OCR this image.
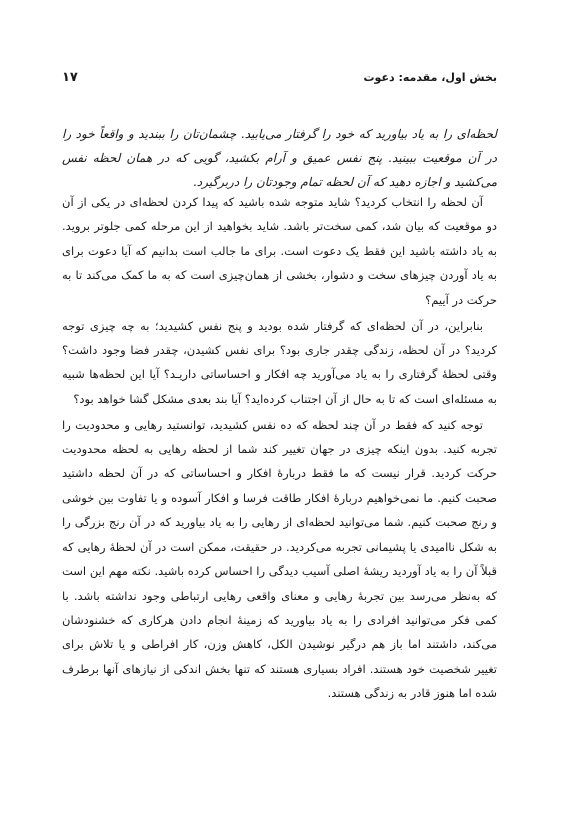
بخش اول، مقدمه: دعوت
۱۷
لحظه‌ای را به یاد بیاورید که خود را گرفتار می‌یابید. چشمان‌تان را ببندید و واقعاً خود را در آن موقعیت ببینید. پنج نفس عمیق و آرام بکشید، گویی که در همان لحظه نفس می‌کشید و اجازه دهید که آن لحظه تمام وجودتان را دربرگیرد.

آن لحظه را انتخاب کردید؟ شاید متوجه شده باشید که پیدا کردن لحظه‌ای در یکی از آن دو موقعیت که بیان شد، کمی سخت‌تر باشد. شاید بخواهید از این مرحله کمی جلوتر بروید. به یاد داشته باشید این فقط یک دعوت است. برای ما جالب است بدانیم که آیا دعوت برای به یاد آوردن چیزهای سخت و دشوار، بخشی از همان‌چیزی است که به ما کمک می‌کند تا به حرکت در آییم؟

بنابراین، در آن لحظه‌ای که گرفتار شده بودید و پنج نفس کشیدید؛ به چه چیزی توجه کردید؟ در آن لحظه، زندگی چقدر جاری بود؟ برای نفس کشیدن، چقدر فضا وجود داشت؟ وقتی لحظهٔ گرفتاری را به یاد می‌آورید چه افکار و احساساتی داریـد؟ آیا این لحظه‌ها شبیه به مسئله‌ای است که تا به حال از آن اجتناب کرده‌اید؟ آیا بند بعدی مشکل گشا خواهد بود؟

توجه کنید که فقط در آن چند لحظه که ده نفس کشیدید، توانستید رهایی و محدودیت را تجربه کنید. بدون اینکه چیزی در جهان تغییر کند شما از لحظه رهایی به لحظه محدودیت حرکت کردید. قرار نیست که ما فقط دربارهٔ افکار و احساساتی که در آن لحظه داشتید صحبت کنیم. ما نمی‌خواهیم دربارهٔ افکار طاقت فرسا و افکار آسوده و یا تفاوت بین خوشی و رنج صحبت کنیم. شما می‌توانید لحظه‌ای از رهایی را به یاد بیاورید که در آن رنج بزرگی را به شکل ناامیدی یا پشیمانی تجربه می‌کردید. در حقیقت، ممکن است در آن لحظهٔ رهایی که قبلاً آن را به یاد آوردید ریشهٔ اصلی آسیب دیدگی را احساس کرده باشید. نکته مهم این است که به‌نظر می‌رسد بین تجربهٔ رهایی و معنای واقعی رهایی ارتباطی وجود نداشته باشد. با کمی فکر می‌توانید افرادی را به یاد بیاورید که زمینهٔ انجام دادن هرکاری که خشنودشان می‌کند، داشتند اما باز هم درگیر نوشیدن الکل، کاهش وزن، کار افراطی و یا تلاش برای تغییر شخصیت خود هستند. افراد بسیاری هستند که تنها بخش اندکی از نیازهای آنها برطرف شده اما هنوز قادر به زندگی هستند.
